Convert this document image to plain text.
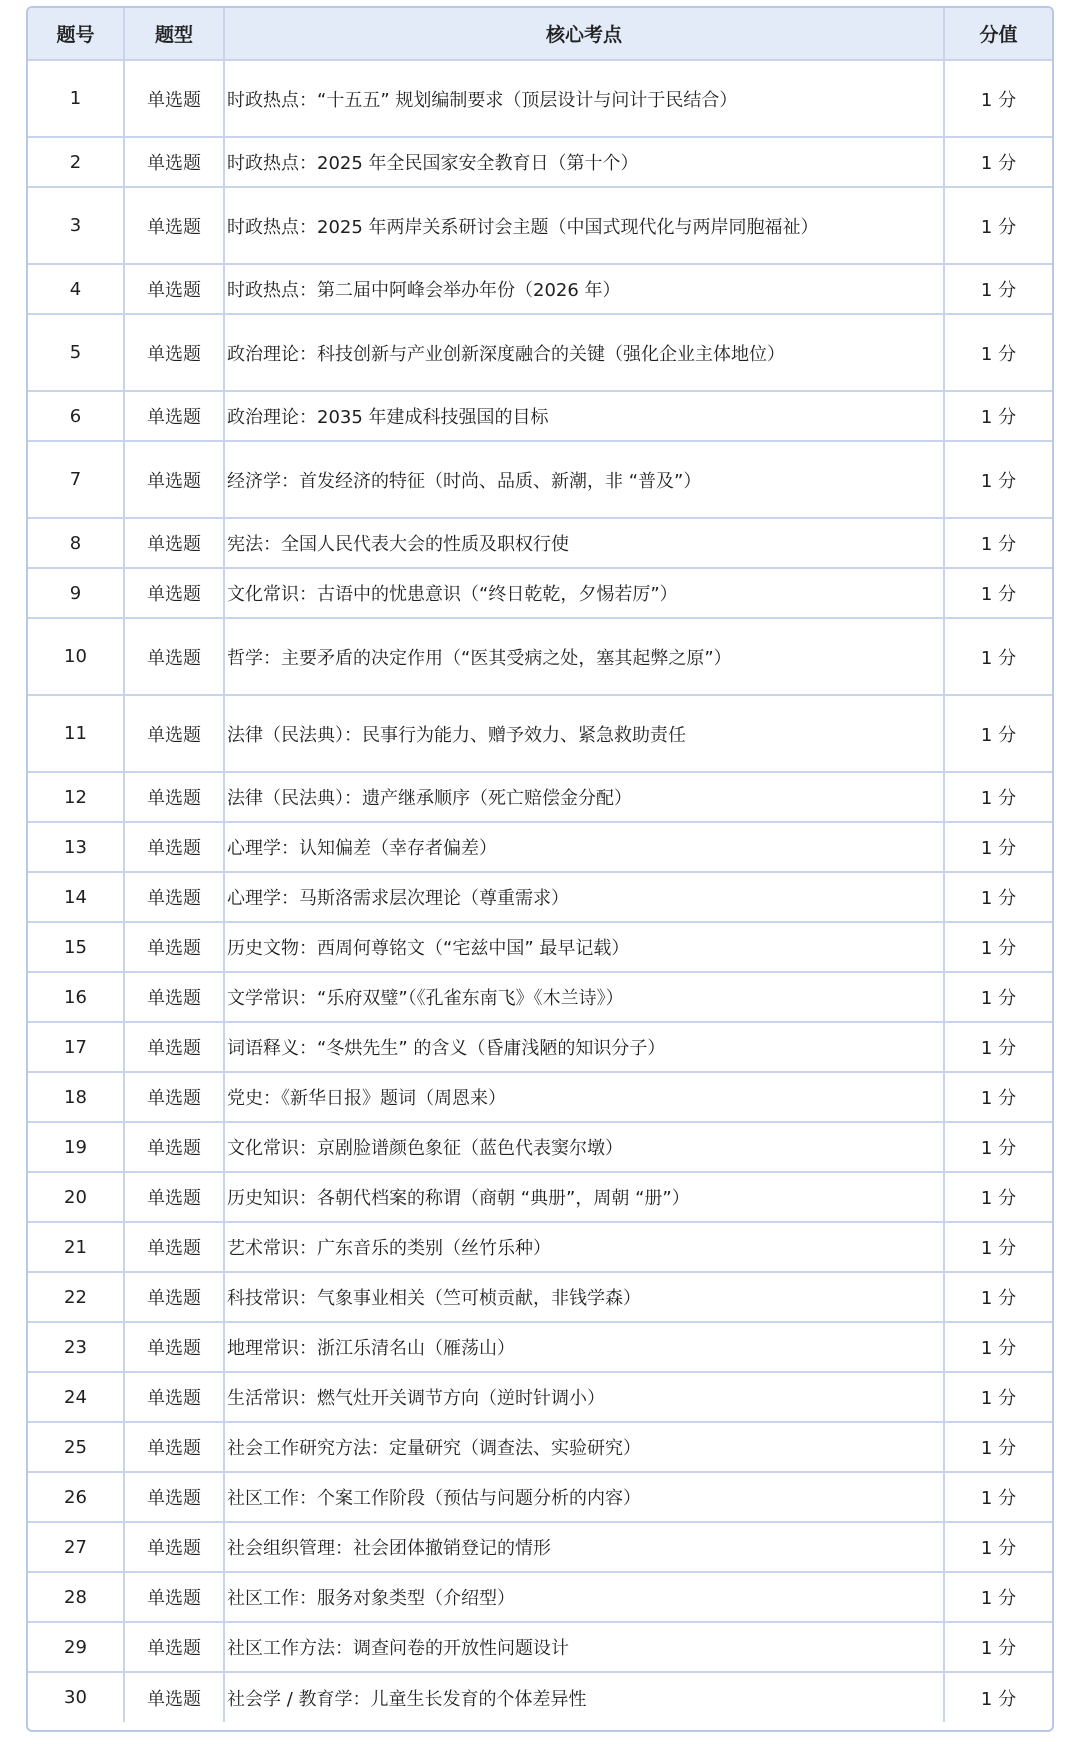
题号	题型	核心考点	分值
1	单选题	时政热点：“十五五” 规划编制要求（顶层设计与问计于民结合）	1 分
2	单选题	时政热点：2025 年全民国家安全教育日（第十个）	1 分
3	单选题	时政热点：2025 年两岸关系研讨会主题（中国式现代化与两岸同胞福祉）	1 分
4	单选题	时政热点：第二届中阿峰会举办年份（2026 年）	1 分
5	单选题	政治理论：科技创新与产业创新深度融合的关键（强化企业主体地位）	1 分
6	单选题	政治理论：2035 年建成科技强国的目标	1 分
7	单选题	经济学：首发经济的特征（时尚、品质、新潮，非 “普及”）	1 分
8	单选题	宪法：全国人民代表大会的性质及职权行使	1 分
9	单选题	文化常识：古语中的忧患意识（“终日乾乾，夕惕若厉”）	1 分
10	单选题	哲学：主要矛盾的决定作用（“医其受病之处，塞其起弊之原”）	1 分
11	单选题	法律（民法典）：民事行为能力、赠予效力、紧急救助责任	1 分
12	单选题	法律（民法典）：遗产继承顺序（死亡赔偿金分配）	1 分
13	单选题	心理学：认知偏差（幸存者偏差）	1 分
14	单选题	心理学：马斯洛需求层次理论（尊重需求）	1 分
15	单选题	历史文物：西周何尊铭文（“宅兹中国” 最早记载）	1 分
16	单选题	文学常识：“乐府双璧”（《孔雀东南飞》《木兰诗》）	1 分
17	单选题	词语释义：“冬烘先生” 的含义（昏庸浅陋的知识分子）	1 分
18	单选题	党史：《新华日报》题词（周恩来）	1 分
19	单选题	文化常识：京剧脸谱颜色象征（蓝色代表窦尔墩）	1 分
20	单选题	历史知识：各朝代档案的称谓（商朝 “典册”，周朝 “册”）	1 分
21	单选题	艺术常识：广东音乐的类别（丝竹乐种）	1 分
22	单选题	科技常识：气象事业相关（竺可桢贡献，非钱学森）	1 分
23	单选题	地理常识：浙江乐清名山（雁荡山）	1 分
24	单选题	生活常识：燃气灶开关调节方向（逆时针调小）	1 分
25	单选题	社会工作研究方法：定量研究（调查法、实验研究）	1 分
26	单选题	社区工作：个案工作阶段（预估与问题分析的内容）	1 分
27	单选题	社会组织管理：社会团体撤销登记的情形	1 分
28	单选题	社区工作：服务对象类型（介绍型）	1 分
29	单选题	社区工作方法：调查问卷的开放性问题设计	1 分
30	单选题	社会学 / 教育学：儿童生长发育的个体差异性	1 分
